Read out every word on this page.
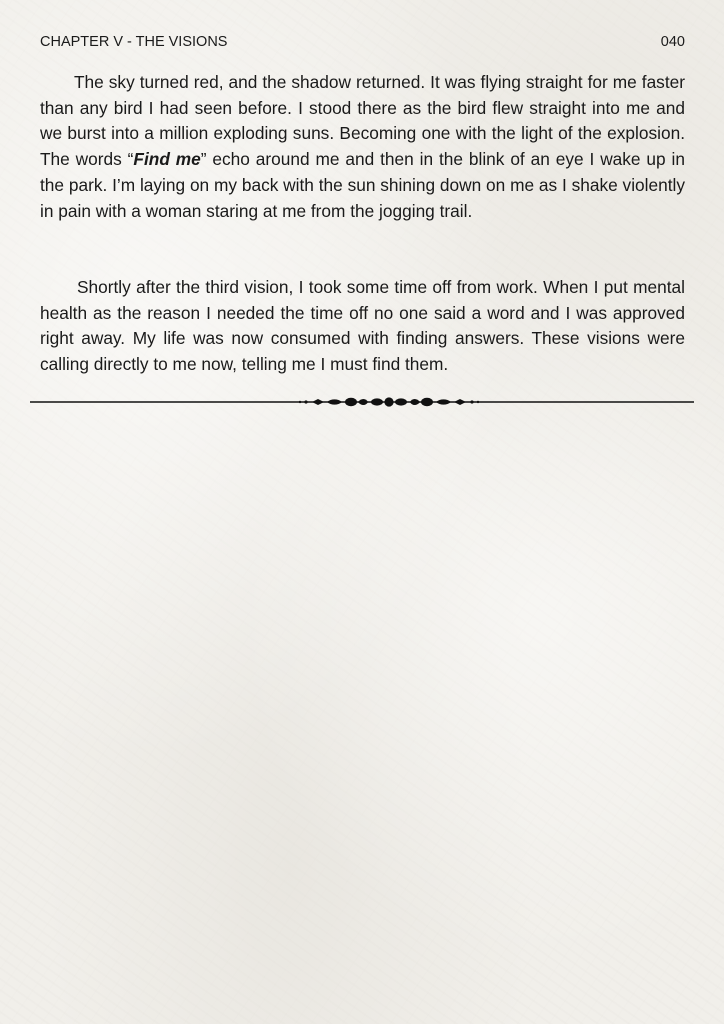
CHAPTER V - THE VISIONS	040

The sky turned red, and the shadow returned. It was flying straight for me faster than any bird I had seen before. I stood there as the bird flew straight into me and we burst into a million exploding suns. Becoming one with the light of the explosion. The words “Find me” echo around me and then in the blink of an eye I wake up in the park. I’m laying on my back with the sun shining down on me as I shake violently in pain with a woman staring at me from the jogging trail.

Shortly after the third vision, I took some time off from work. When I put mental health as the reason I needed the time off no one said a word and I was approved right away. My life was now consumed with finding answers. These visions were calling directly to me now, telling me I must find them.
